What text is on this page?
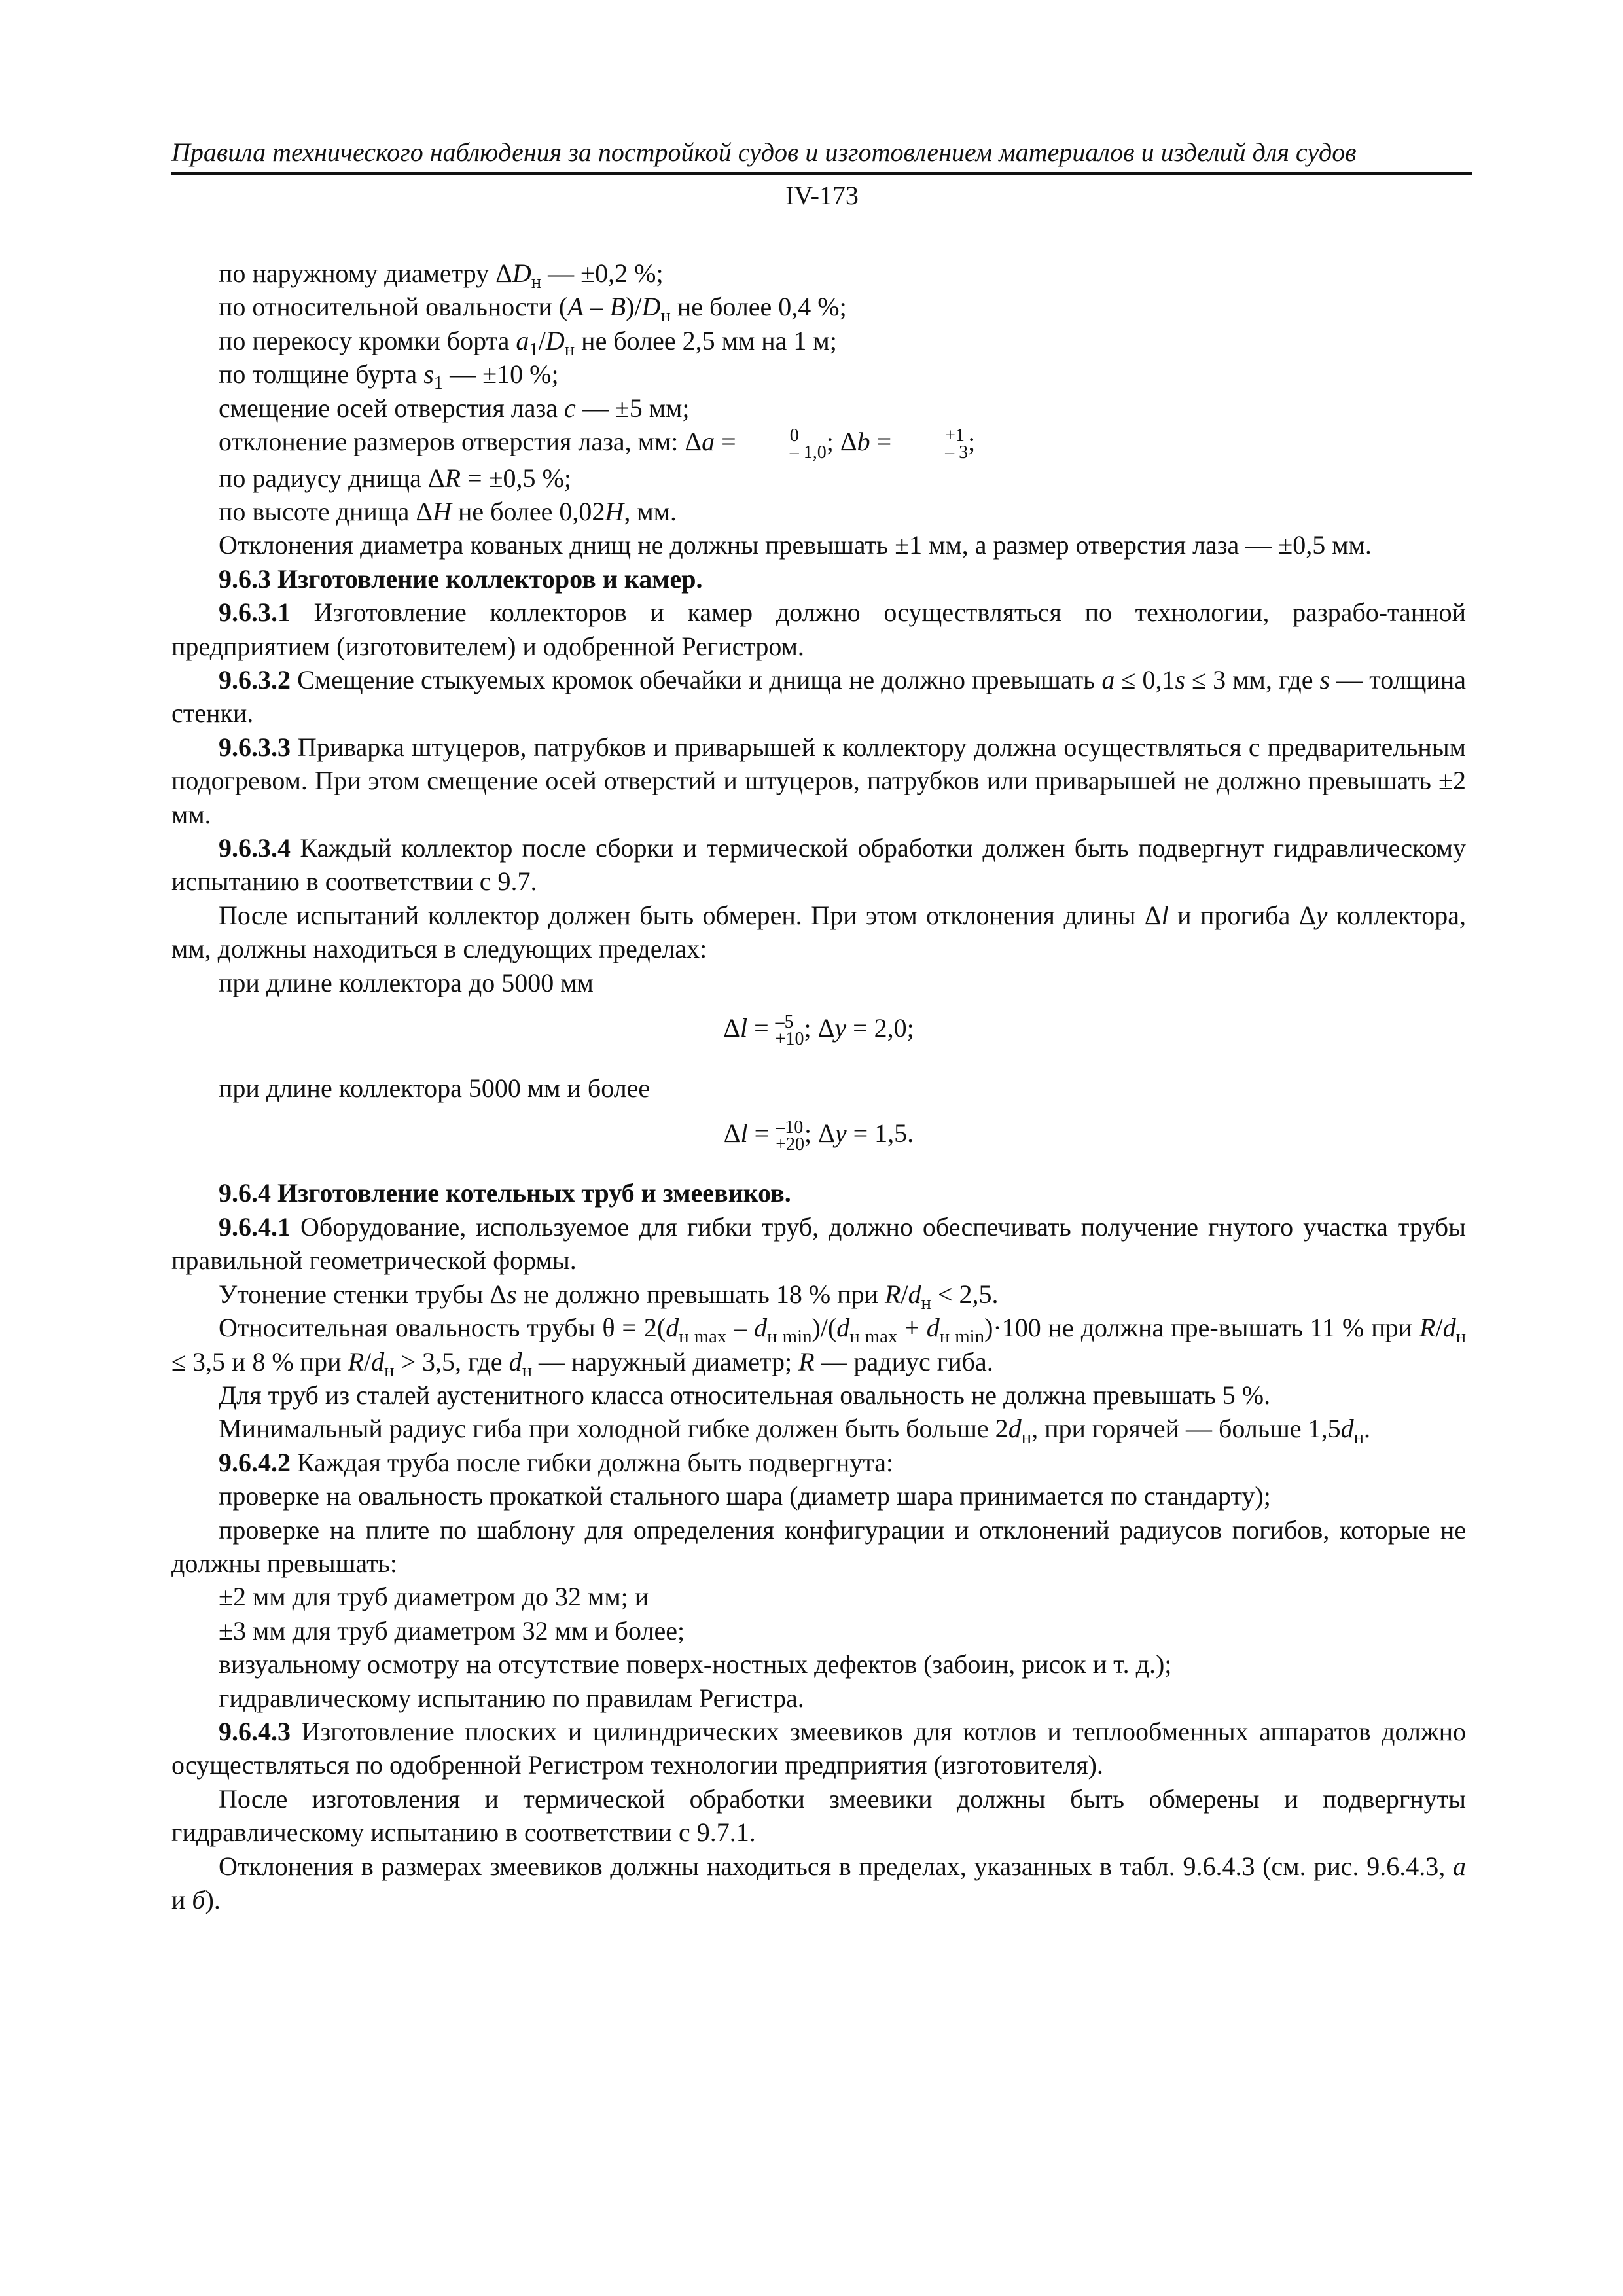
Правила технического наблюдения за постройкой судов и изготовлением материалов и изделий для судов
IV-173

по наружному диаметру $\Delta D_н$ — ±0,2 %;

по относительной овальности $(A - B)/D_н$ не более 0,4 %;

по перекосу кромки борта $a_1/D_н$ не более 2,5 мм на 1 м;

по толщине бурта $s_1$ — ±10 %;

смещение осей отверстия лаза c — ±5 мм;

отклонение размеров отверстия лаза, мм: Δa =	0
– 1,0 ; Δb =	+1
– 3 ;

по радиусу днища ΔR = ±0,5 %;

по высоте днища ΔH не более 0,02H, мм.

Отклонения диаметра кованых днищ не должны превышать ±1 мм, а размер отверстия лаза — ±0,5 мм.

9.6.3 Изготовление коллекторов и камер.

9.6.3.1 Изготовление коллекторов и камер должно осуществляться по технологии, разрабо-танной предприятием (изготовителем) и одобренной Регистром.

9.6.3.2 Смещение стыкуемых кромок обечайки и днища не должно превышать a ≤ 0,1s ≤ 3 мм, где s — толщина стенки.

9.6.3.3 Приварка штуцеров, патрубков и приварышей к коллектору должна осуществляться с предварительным подогревом. При этом смещение осей отверстий и штуцеров, патрубков или приварышей не должно превышать ±2 мм.

9.6.3.4 Каждый коллектор после сборки и термической обработки должен быть подвергнут гидравлическому испытанию в соответствии с 9.7.

После испытаний коллектор должен быть обмерен. При этом отклонения длины Δl и прогиба Δy коллектора, мм, должны находиться в следующих пределах:

при длине коллектора до 5000 мм

Δl = –5
+10 ; Δy = 2,0;

при длине коллектора 5000 мм и более

Δl = –10
+20 ; Δy = 1,5.

9.6.4 Изготовление котельных труб и змеевиков.

9.6.4.1 Оборудование, используемое для гибки труб, должно обеспечивать получение гнутого участка трубы правильной геометрической формы.

Утонение стенки трубы Δs не должно превышать 18 % при $R/d_н < 2,5$.

Относительная овальность трубы $\theta = 2(d_{н max} - d_{н min})/(d_{н max} + d_{н min})\cdot 100$ не должна пре-вышать 11 % при $R/d_н \le 3,5$ и 8 % при $R/d_н > 3,5$, где $d_н$ — наружный диаметр; R — радиус гиба.

Для труб из сталей аустенитного класса относительная овальность не должна превышать 5 %.

Минимальный радиус гиба при холодной гибке должен быть больше $2d_н$, при горячей — больше $1,5d_н$.

9.6.4.2 Каждая труба после гибки должна быть подвергнута:

проверке на овальность прокаткой стального шара (диаметр шара принимается по стандарту);

проверке на плите по шаблону для определения конфигурации и отклонений радиусов погибов, которые не должны превышать:

±2 мм для труб диаметром до 32 мм; и

±3 мм для труб диаметром 32 мм и более;

визуальному осмотру на отсутствие поверх-ностных дефектов (забоин, рисок и т. д.);

гидравлическому испытанию по правилам Регистра.

9.6.4.3 Изготовление плоских и цилиндрических змеевиков для котлов и теплообменных аппаратов должно осуществляться по одобренной Регистром технологии предприятия (изготовителя).

После изготовления и термической обработки змеевики должны быть обмерены и подвергнуты гидравлическому испытанию в соответствии с 9.7.1.

Отклонения в размерах змеевиков должны находиться в пределах, указанных в табл. 9.6.4.3 (см. рис. 9.6.4.3, а и б).
